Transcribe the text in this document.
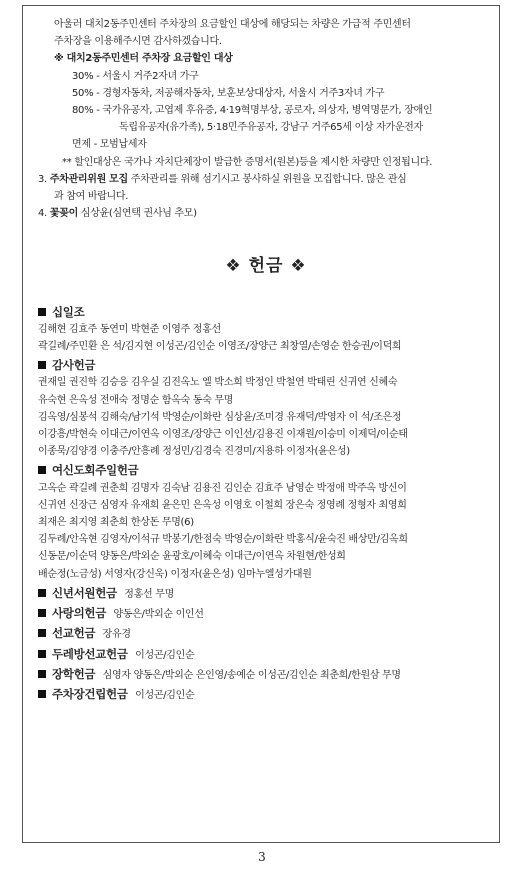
아울러 대치2동주민센터 주차장의 요금할인 대상에 해당되는 차량은 가급적 주민센터
주차장을 이용해주시면 감사하겠습니다.
※ 대치2동주민센터 주차장 요금할인 대상
30% - 서울시 거주2자녀 가구
50% - 경형자동차, 저공해자동차, 보훈보상대상자, 서울시 거주3자녀 가구
80% - 국가유공자, 고엽제 후유증, 4·19혁명부상, 공로자, 의상자, 병역명문가, 장애인
독립유공자(유가족), 5·18민주유공자, 강남구 거주65세 이상 자가운전자
면제 - 모범납세자
** 할인대상은 국가나 자치단체장이 발급한 증명서(원본)등을 제시한 차량만 인정됩니다.
3. 주차관리위원 모집 주차관리를 위해 섬기시고 봉사하실 위원을 모집합니다. 많은 관심
과 참여 바랍니다.
4. 꽃꽂이 심상윤(심연택 권사님 추모)
❖ 헌금 ❖
십일조
김해현 김효주 동연미 박현준 이영주 정홍선
곽길례/주민환 은 석/김지현 이성곤/김인순 이영조/장양근 최창열/손영순 한승권/이덕희
감사헌금
권재일 권진학 김승응 김우실 김진옥노 엘 박소희 박정인 박철연 박태린 신귀연 신혜숙
유숙현 은옥성 전애숙 정명순 함옥숙 동숙 무명
김옥영/심봉석 김해숙/남기석 박영순/이화란 심상윤/조미경 유재덕/박영자 이 석/조은정
이강흥/박현숙 이대근/이연옥 이영조/장양근 이인선/김용진 이재원/이승미 이제덕/이순태
이종묵/김양경 이충주/안흥례 정성민/김경숙 진경미/지용하 이정자(윤은성)
여신도회주일헌금
고옥순 곽길례 권춘희 김명자 김숙남 김용진 김인순 김효주 남영순 박정애 박주옥 방신이
신귀연 신장근 심영자 유재희 윤은민 은옥성 이영호 이철희 장은숙 정영례 정형자 최영희
최재은 최지영 최춘희 한상돈 무명(6)
김두례/안옥현 김영자/이석규 박봉기/한점숙 박영순/이화란 박홍식/윤숙진 배상만/김옥희
신동문/이순덕 양동은/박외순 윤광호/이혜숙 이대근/이연옥 차원현/한성희
배순정(노금성) 서영자(강신욱) 이정자(윤은성) 임마누엘성가대원
신년서원헌금 정홍선 무명
사랑의헌금 양동은/박외순 이인선
선교헌금 장유경
두레방선교헌금 이성곤/김인순
장학헌금 심영자 양동은/박외순 은인영/송예순 이성곤/김인순 최춘희/한원삼 무명
주차장건립헌금 이성곤/김인순
3
